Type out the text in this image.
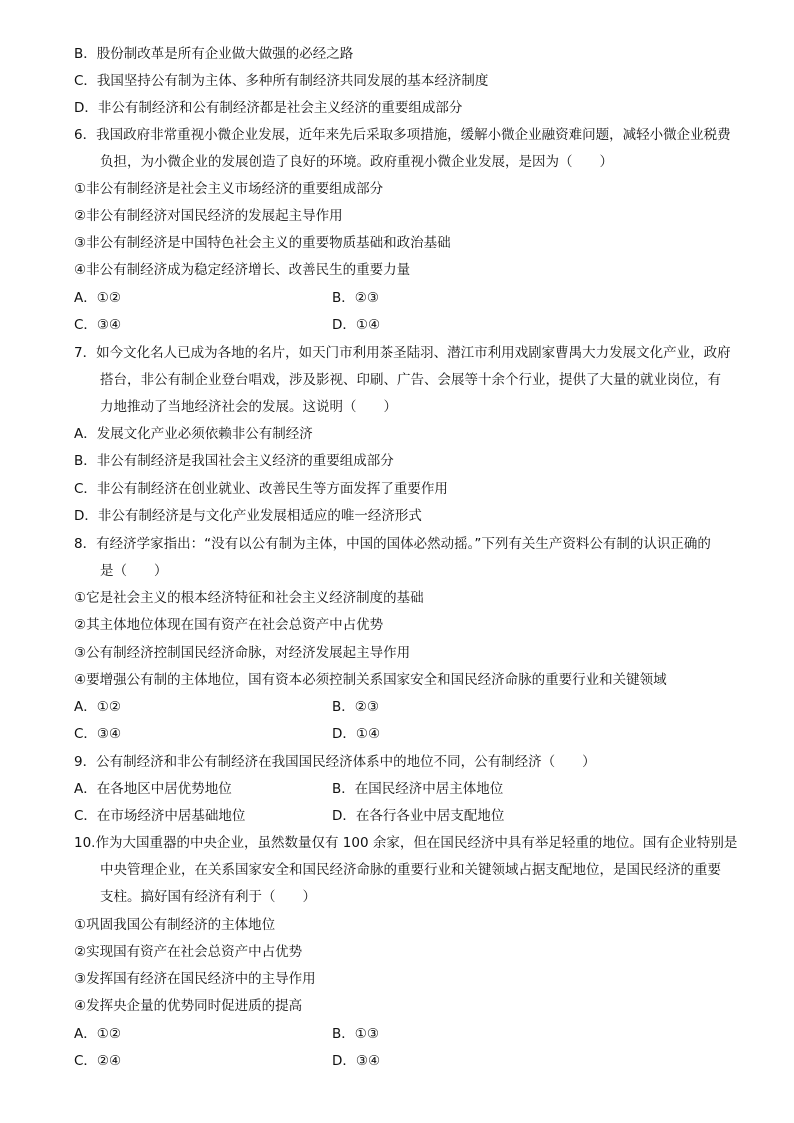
B．股份制改革是所有企业做大做强的必经之路
C．我国坚持公有制为主体、多种所有制经济共同发展的基本经济制度
D．非公有制经济和公有制经济都是社会主义经济的重要组成部分
6．我国政府非常重视小微企业发展，近年来先后采取多项措施，缓解小微企业融资难问题，减轻小微企业税费
负担，为小微企业的发展创造了良好的环境。政府重视小微企业发展，是因为（　　）
①非公有制经济是社会主义市场经济的重要组成部分
②非公有制经济对国民经济的发展起主导作用
③非公有制经济是中国特色社会主义的重要物质基础和政治基础
④非公有制经济成为稳定经济增长、改善民生的重要力量
A．①②	B．②③
C．③④	D．①④
7．如今文化名人已成为各地的名片，如天门市利用茶圣陆羽、潜江市利用戏剧家曹禺大力发展文化产业，政府
搭台，非公有制企业登台唱戏，涉及影视、印刷、广告、会展等十余个行业，提供了大量的就业岗位，有
力地推动了当地经济社会的发展。这说明（　　）
A．发展文化产业必须依赖非公有制经济
B．非公有制经济是我国社会主义经济的重要组成部分
C．非公有制经济在创业就业、改善民生等方面发挥了重要作用
D．非公有制经济是与文化产业发展相适应的唯一经济形式
8．有经济学家指出：“没有以公有制为主体，中国的国体必然动摇。”下列有关生产资料公有制的认识正确的
是（　　）
①它是社会主义的根本经济特征和社会主义经济制度的基础
②其主体地位体现在国有资产在社会总资产中占优势
③公有制经济控制国民经济命脉，对经济发展起主导作用
④要增强公有制的主体地位，国有资本必须控制关系国家安全和国民经济命脉的重要行业和关键领域
A．①②	B．②③
C．③④	D．①④
9．公有制经济和非公有制经济在我国国民经济体系中的地位不同，公有制经济（　　）
A．在各地区中居优势地位	B．在国民经济中居主体地位
C．在市场经济中居基础地位	D．在各行各业中居支配地位
10.作为大国重器的中央企业，虽然数量仅有 100 余家，但在国民经济中具有举足轻重的地位。国有企业特别是
中央管理企业，在关系国家安全和国民经济命脉的重要行业和关键领域占据支配地位，是国民经济的重要
支柱。搞好国有经济有利于（　　）
①巩固我国公有制经济的主体地位
②实现国有资产在社会总资产中占优势
③发挥国有经济在国民经济中的主导作用
④发挥央企量的优势同时促进质的提高
A．①②	B．①③
C．②④	D．③④
